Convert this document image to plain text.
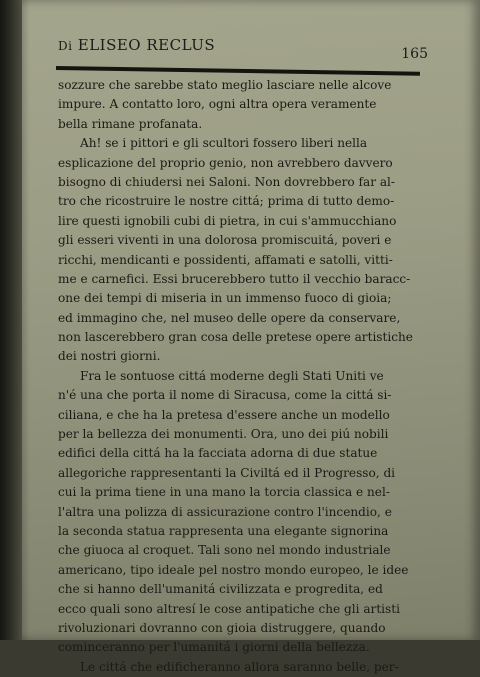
Di ELISEO RECLUS	165
sozzure che sarebbe stato meglio lasciare nelle alcove
impure. A contatto loro, ogni altra opera veramente
bella rimane profanata.
Ah! se i pittori e gli scultori fossero liberi nella
esplicazione del proprio genio, non avrebbero davvero
bisogno di chiudersi nei Saloni. Non dovrebbero far al-
tro che ricostruire le nostre cittá; prima di tutto demo-
lire questi ignobili cubi di pietra, in cui s'ammucchiano
gli esseri viventi in una dolorosa promiscuitá, poveri e
ricchi, mendicanti e possidenti, affamati e satolli, vitti-
me e carnefici. Essi brucerebbero tutto il vecchio baracc-
one dei tempi di miseria in un immenso fuoco di gioia;
ed immagino che, nel museo delle opere da conservare,
non lascerebbero gran cosa delle pretese opere artistiche
dei nostri giorni.
Fra le sontuose cittá moderne degli Stati Uniti ve
n'é una che porta il nome di Siracusa, come la cittá si-
ciliana, e che ha la pretesa d'essere anche un modello
per la bellezza dei monumenti. Ora, uno dei piú nobili
edifici della cittá ha la facciata adorna di due statue
allegoriche rappresentanti la Civiltá ed il Progresso, di
cui la prima tiene in una mano la torcia classica e nel-
l'altra una polizza di assicurazione contro l'incendio, e
la seconda statua rappresenta una elegante signorina
che giuoca al croquet. Tali sono nel mondo industriale
americano, tipo ideale pel nostro mondo europeo, le idee
che si hanno dell'umanitá civilizzata e progredita, ed
ecco quali sono altresí le cose antipatiche che gli artisti
rivoluzionari dovranno con gioia distruggere, quando
cominceranno per l'umanitá i giorni della bellezza.
Le cittá che edificheranno allora saranno belle, per-
